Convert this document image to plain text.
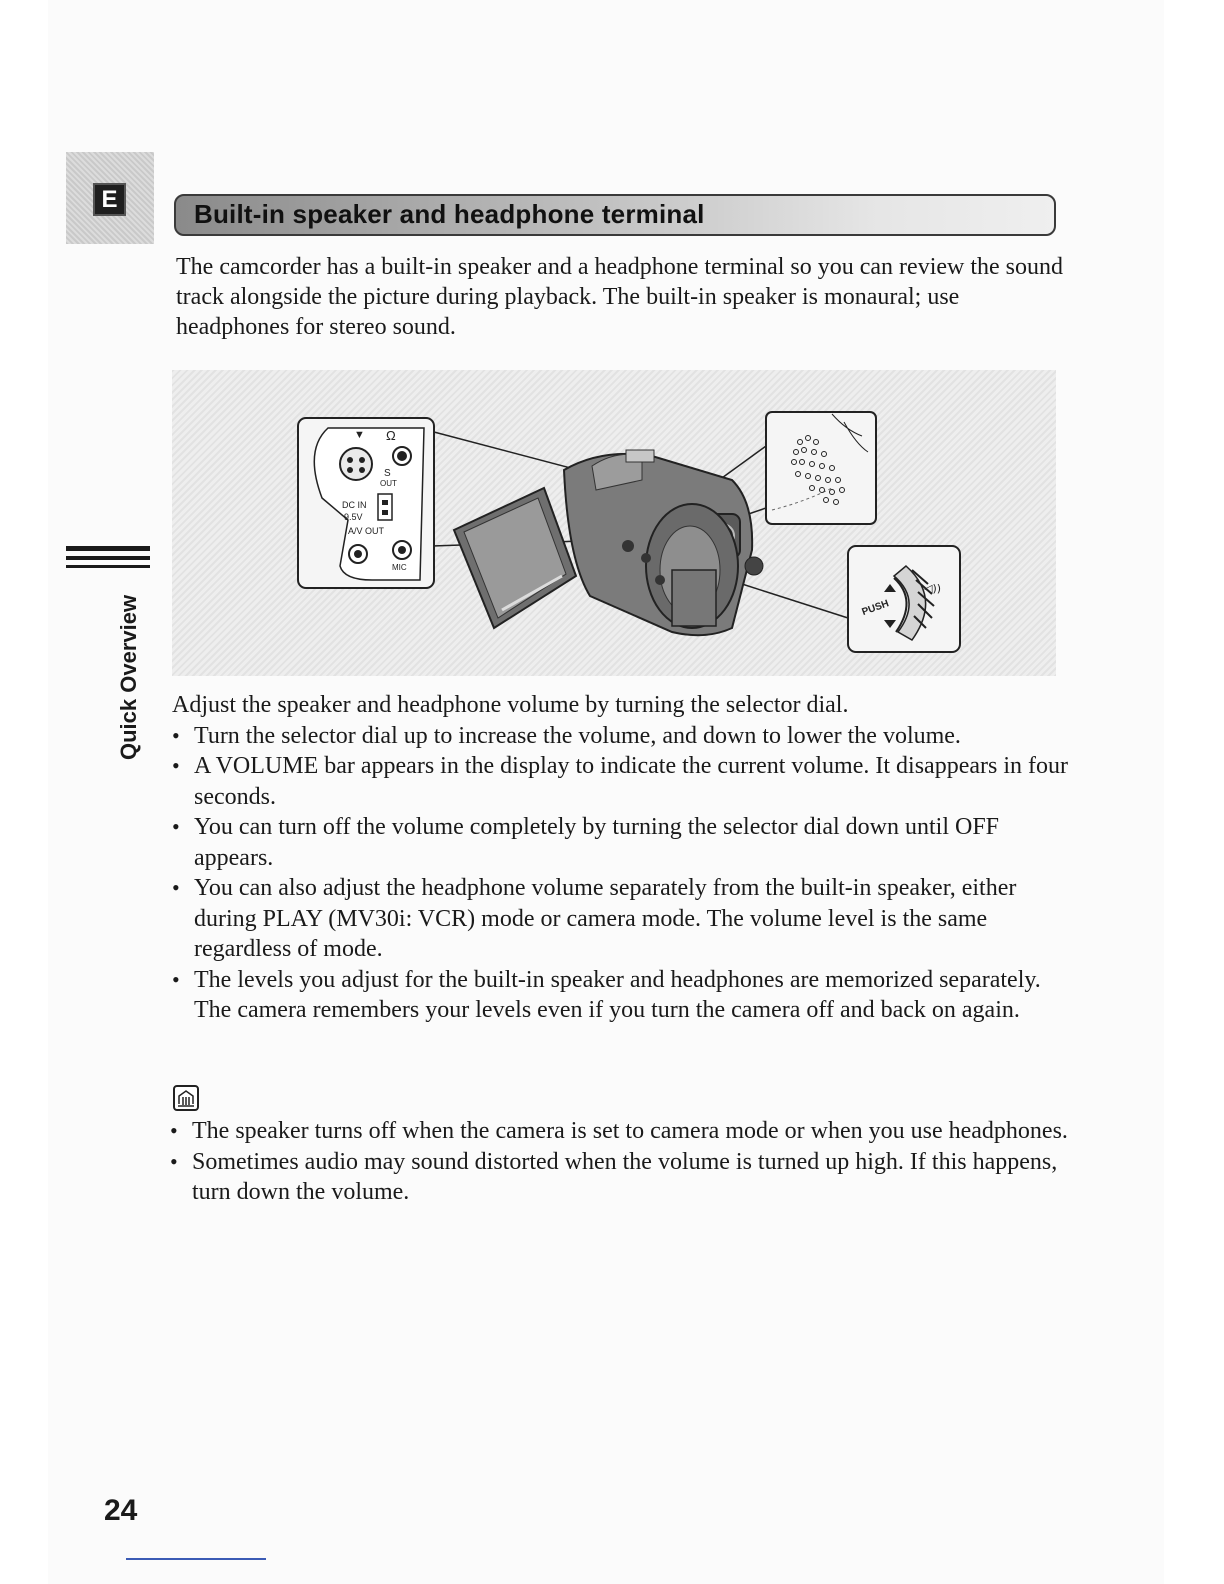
E	Built-in speaker and headphone terminal

The camcorder has a built-in speaker and a headphone terminal so you can review the sound track alongside the picture during playback. The built-in speaker is monaural; use headphones for stereo sound.

▼ Ω
S
OUT
DC IN
9.5V
A/V OUT
MIC
PUSH
◁))

Adjust the speaker and headphone volume by turning the selector dial.

• Turn the selector dial up to increase the volume, and down to lower the volume.
• A VOLUME bar appears in the display to indicate the current volume. It disappears in four seconds.
• You can turn off the volume completely by turning the selector dial down until OFF appears.
• You can also adjust the headphone volume separately from the built-in speaker, either during PLAY (MV30i: VCR) mode or camera mode. The volume level is the same regardless of mode.
• The levels you adjust for the built-in speaker and headphones are memorized separately. The camera remembers your levels even if you turn the camera off and back on again.
• The speaker turns off when the camera is set to camera mode or when you use headphones.
• Sometimes audio may sound distorted when the volume is turned up high. If this happens, turn down the volume.
Quick Overview
24
